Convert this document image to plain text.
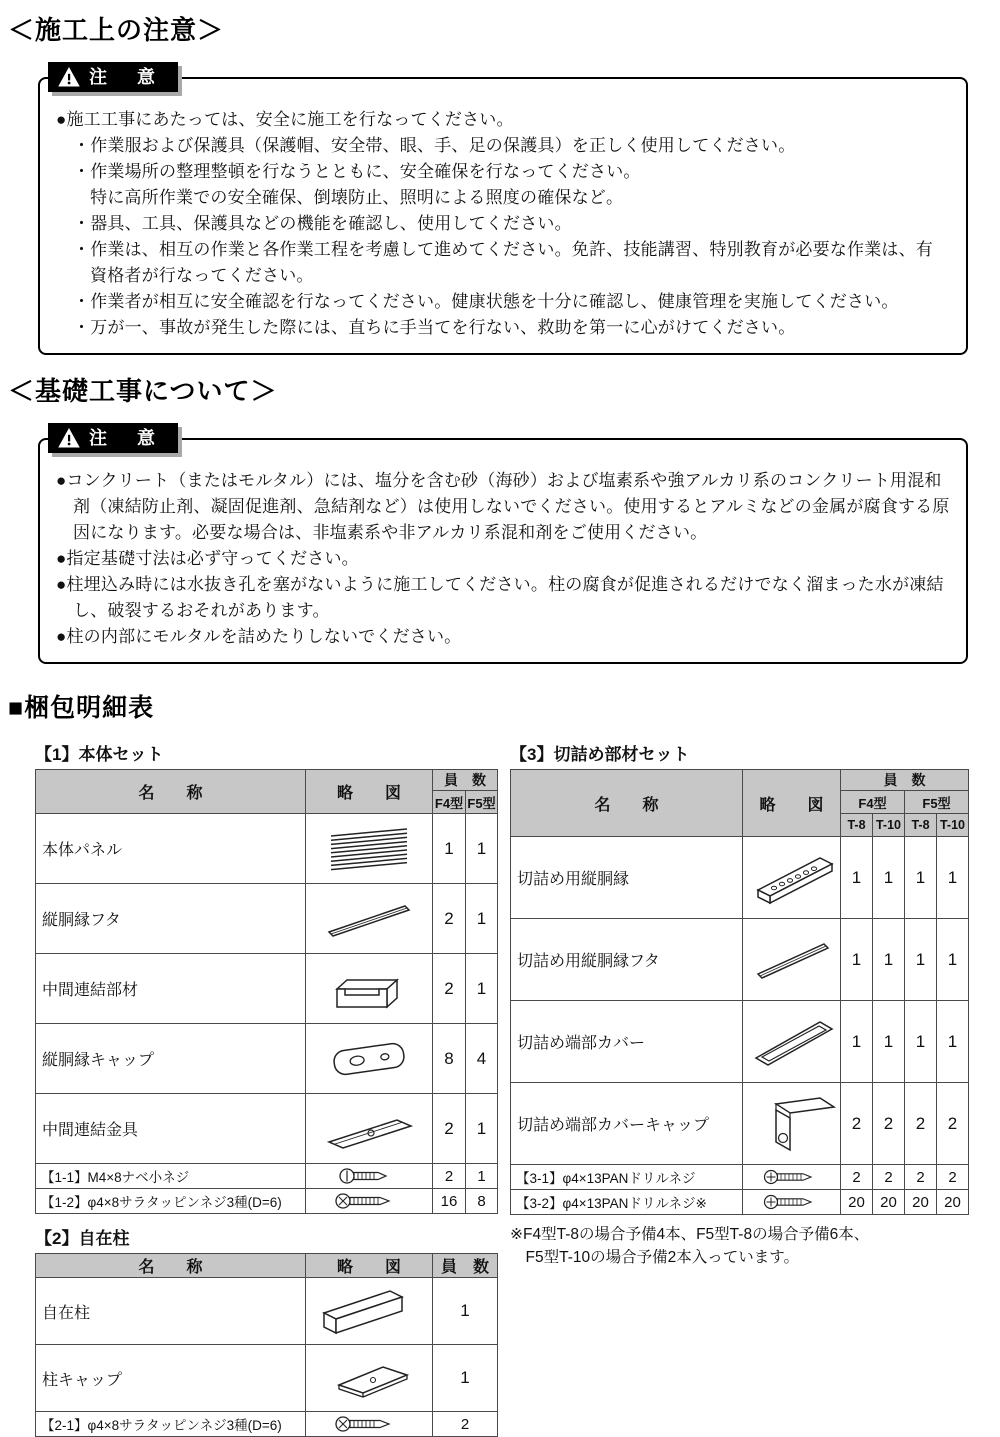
＜施工上の注意＞
注　意

●施工工事にあたっては、安全に施工を行なってください。

・作業服および保護具（保護帽、安全帯、眼、手、足の保護具）を正しく使用してください。

・作業場所の整理整頓を行なうとともに、安全確保を行なってください。

特に高所作業での安全確保、倒壊防止、照明による照度の確保など。

・器具、工具、保護具などの機能を確認し、使用してください。

・作業は、相互の作業と各作業工程を考慮して進めてください。免許、技能講習、特別教育が必要な作業は、有資格者が行なってください。

・作業者が相互に安全確認を行なってください。健康状態を十分に確認し、健康管理を実施してください。

・万が一、事故が発生した際には、直ちに手当てを行ない、救助を第一に心がけてください。

＜基礎工事について＞
注　意

●コンクリート（またはモルタル）には、塩分を含む砂（海砂）および塩素系や強アルカリ系のコンクリート用混和剤（凍結防止剤、凝固促進剤、急結剤など）は使用しないでください。使用するとアルミなどの金属が腐食する原因になります。必要な場合は、非塩素系や非アルカリ系混和剤をご使用ください。

●指定基礎寸法は必ず守ってください。

●柱埋込み時には水抜き孔を塞がないように施工してください。柱の腐食が促進されるだけでなく溜まった水が凍結し、破裂するおそれがあります。

●柱の内部にモルタルを詰めたりしないでください。

■梱包明細表
【1】本体セット
名　　称	略　　図	員　数	
		F4型	F5型
本体パネル		1	1
縦胴縁フタ		2	1
中間連結部材		2	1
縦胴縁キャップ		8	4
中間連結金具		2	1
【1-1】M4×8ナベ小ネジ		2	1
【1-2】φ4×8サラタッピンネジ3種(D=6)		16	8
【2】自在柱
名　　称	略　　図	員　数
自在柱		1
柱キャップ		1
【2-1】φ4×8サラタッピンネジ3種(D=6)		2
【3】切詰め部材セット
名　　称	略　　図	員　数			
		F4型		F5型	
		T-8	T-10	T-8	T-10
切詰め用縦胴縁		1	1	1	1
切詰め用縦胴縁フタ		1	1	1	1
切詰め端部カバー		1	1	1	1
切詰め端部カバーキャップ		2	2	2	2
【3-1】φ4×13PANドリルネジ		2	2	2	2
【3-2】φ4×13PANドリルネジ※		20	20	20	20

※F4型T-8の場合予備4本、F5型T-8の場合予備6本、

F5型T-10の場合予備2本入っています。
